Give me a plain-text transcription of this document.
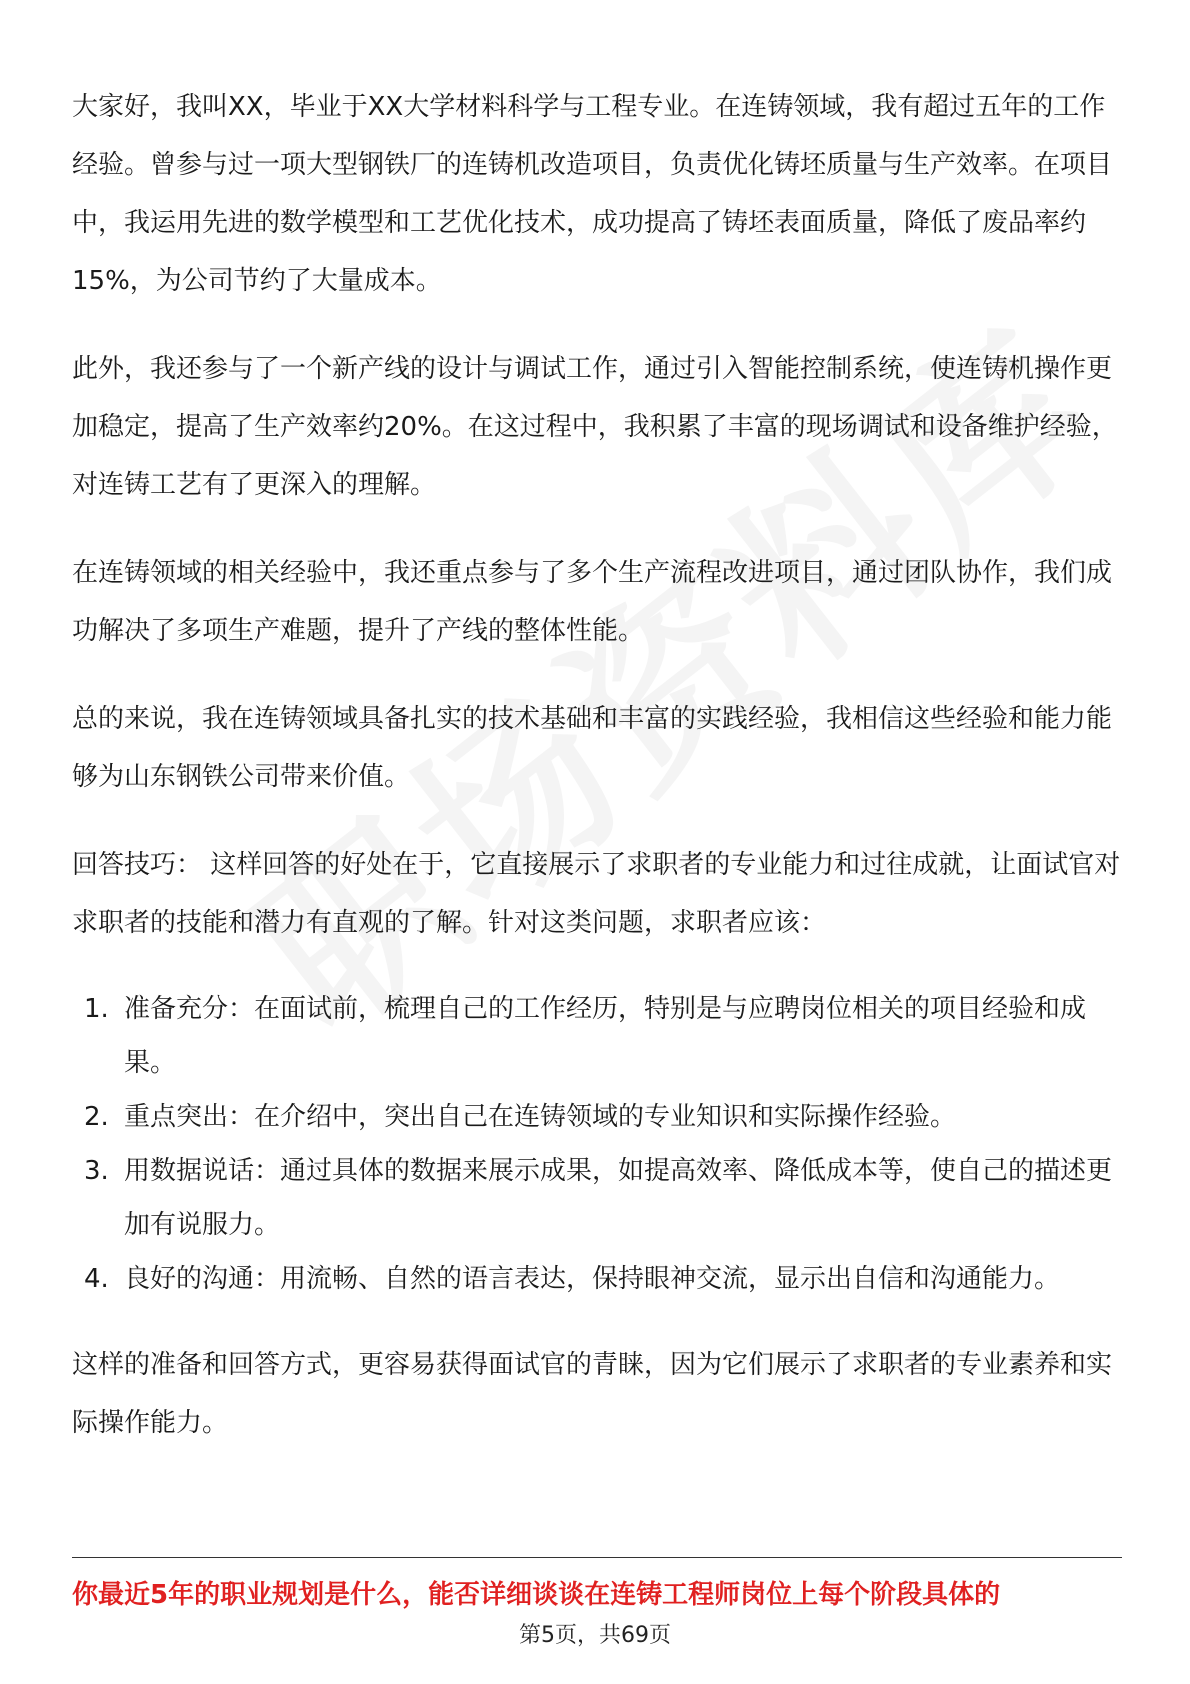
大家好，我叫XX，毕业于XX大学材料科学与工程专业。在连铸领域，我有超过五年的工作经验。曾参与过一项大型钢铁厂的连铸机改造项目，负责优化铸坯质量与生产效率。在项目中，我运用先进的数学模型和工艺优化技术，成功提高了铸坯表面质量，降低了废品率约15%，为公司节约了大量成本。

此外，我还参与了一个新产线的设计与调试工作，通过引入智能控制系统，使连铸机操作更加稳定，提高了生产效率约20%。在这过程中，我积累了丰富的现场调试和设备维护经验，对连铸工艺有了更深入的理解。

在连铸领域的相关经验中，我还重点参与了多个生产流程改进项目，通过团队协作，我们成功解决了多项生产难题，提升了产线的整体性能。

总的来说，我在连铸领域具备扎实的技术基础和丰富的实践经验，我相信这些经验和能力能够为山东钢铁公司带来价值。

回答技巧： 这样回答的好处在于，它直接展示了求职者的专业能力和过往成就，让面试官对求职者的技能和潜力有直观的了解。针对这类问题，求职者应该：

1. 准备充分：在面试前，梳理自己的工作经历，特别是与应聘岗位相关的项目经验和成果。
2. 重点突出：在介绍中，突出自己在连铸领域的专业知识和实际操作经验。
3. 用数据说话：通过具体的数据来展示成果，如提高效率、降低成本等，使自己的描述更加有说服力。
4. 良好的沟通：用流畅、自然的语言表达，保持眼神交流，显示出自信和沟通能力。

这样的准备和回答方式，更容易获得面试官的青睐，因为它们展示了求职者的专业素养和实际操作能力。

你最近5年的职业规划是什么，能否详细谈谈在连铸工程师岗位上每个阶段具体的
第5页，共69页
